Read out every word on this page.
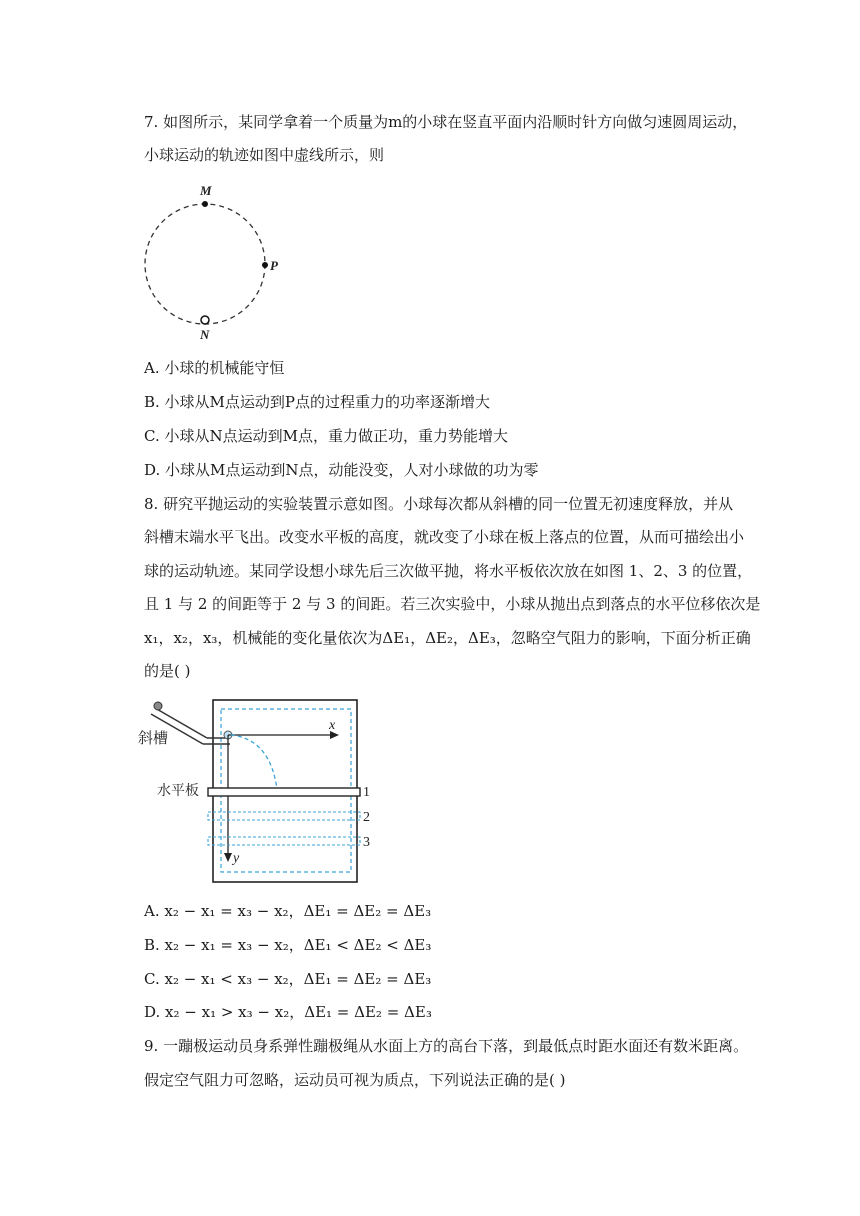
7. 如图所示，某同学拿着一个质量为m的小球在竖直平面内沿顺时针方向做匀速圆周运动，
小球运动的轨迹如图中虚线所示，则
M
P
N
A. 小球的机械能守恒
B. 小球从M点运动到P点的过程重力的功率逐渐增大
C. 小球从N点运动到M点，重力做正功，重力势能增大
D. 小球从M点运动到N点，动能没变，人对小球做的功为零
8. 研究平抛运动的实验装置示意如图。小球每次都从斜槽的同一位置无初速度释放，并从
斜槽末端水平飞出。改变水平板的高度，就改变了小球在板上落点的位置，从而可描绘出小
球的运动轨迹。某同学设想小球先后三次做平抛，将水平板依次放在如图 1、2、3 的位置，
且 1 与 2 的间距等于 2 与 3 的间距。若三次实验中，小球从抛出点到落点的水平位移依次是
x₁，x₂，x₃，机械能的变化量依次为ΔE₁，ΔE₂，ΔE₃，忽略空气阻力的影响，下面分析正确
的是( )
斜槽
水平板
x
y
1
2
3
A. x₂ − x₁ = x₃ − x₂，ΔE₁ = ΔE₂ = ΔE₃
B. x₂ − x₁ = x₃ − x₂，ΔE₁ < ΔE₂ < ΔE₃
C. x₂ − x₁ < x₃ − x₂，ΔE₁ = ΔE₂ = ΔE₃
D. x₂ − x₁ > x₃ − x₂，ΔE₁ = ΔE₂ = ΔE₃
9. 一蹦极运动员身系弹性蹦极绳从水面上方的高台下落，到最低点时距水面还有数米距离。
假定空气阻力可忽略，运动员可视为质点，下列说法正确的是( )
